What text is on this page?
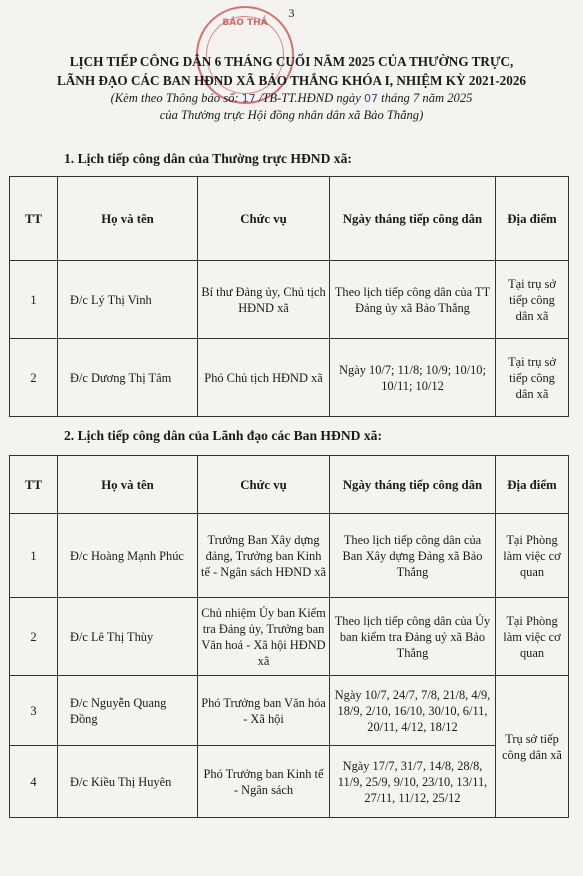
3
BẢO THẮ
LỊCH TIẾP CÔNG DÂN 6 THÁNG CUỐI NĂM 2025 CỦA THƯỜNG TRỰC,
LÃNH ĐẠO CÁC BAN HĐND XÃ BẢO THẮNG KHÓA I, NHIỆM KỲ 2021-2026
(Kèm theo Thông báo số: 17 /TB-TT.HĐND ngày 07 tháng 7 năm 2025
của Thường trực Hội đồng nhân dân xã Bảo Thắng)
1. Lịch tiếp công dân của Thường trực HĐND xã:
TT	Họ và tên	Chức vụ	Ngày tháng tiếp công dân	Địa điểm
1	Đ/c Lý Thị Vinh	Bí thư Đảng ủy, Chủ tịch HĐND xã	Theo lịch tiếp công dân của TT Đảng ủy xã Bảo Thắng	Tại trụ sở tiếp công dân xã
2	Đ/c Dương Thị Tâm	Phó Chủ tịch HĐND xã	Ngày 10/7; 11/8; 10/9; 10/10; 10/11; 10/12	Tại trụ sở tiếp công dân xã
2. Lịch tiếp công dân của Lãnh đạo các Ban HĐND xã:
TT	Họ và tên	Chức vụ	Ngày tháng tiếp công dân	Địa điểm
1	Đ/c Hoàng Mạnh Phúc	Trưởng Ban Xây dựng đảng, Trưởng ban Kinh tế - Ngân sách HĐND xã	Theo lịch tiếp công dân của Ban Xây dựng Đảng xã Bảo Thắng	Tại Phòng làm việc cơ quan
2	Đ/c Lê Thị Thùy	Chủ nhiệm Ủy ban Kiểm tra Đảng ủy, Trưởng ban Văn hoá - Xã hội HĐND xã	Theo lịch tiếp công dân của Ủy ban kiểm tra Đảng uỷ xã Bảo Thắng	Tại Phòng làm việc cơ quan
3	Đ/c Nguyễn Quang Đồng	Phó Trưởng ban Văn hóa - Xã hội	Ngày 10/7, 24/7, 7/8, 21/8, 4/9, 18/9, 2/10, 16/10, 30/10, 6/11, 20/11, 4/12, 18/12	Trụ sở tiếp công dân xã
4	Đ/c Kiều Thị Huyên	Phó Trưởng ban Kinh tế - Ngân sách	Ngày 17/7, 31/7, 14/8, 28/8, 11/9, 25/9, 9/10, 23/10, 13/11, 27/11, 11/12, 25/12	
